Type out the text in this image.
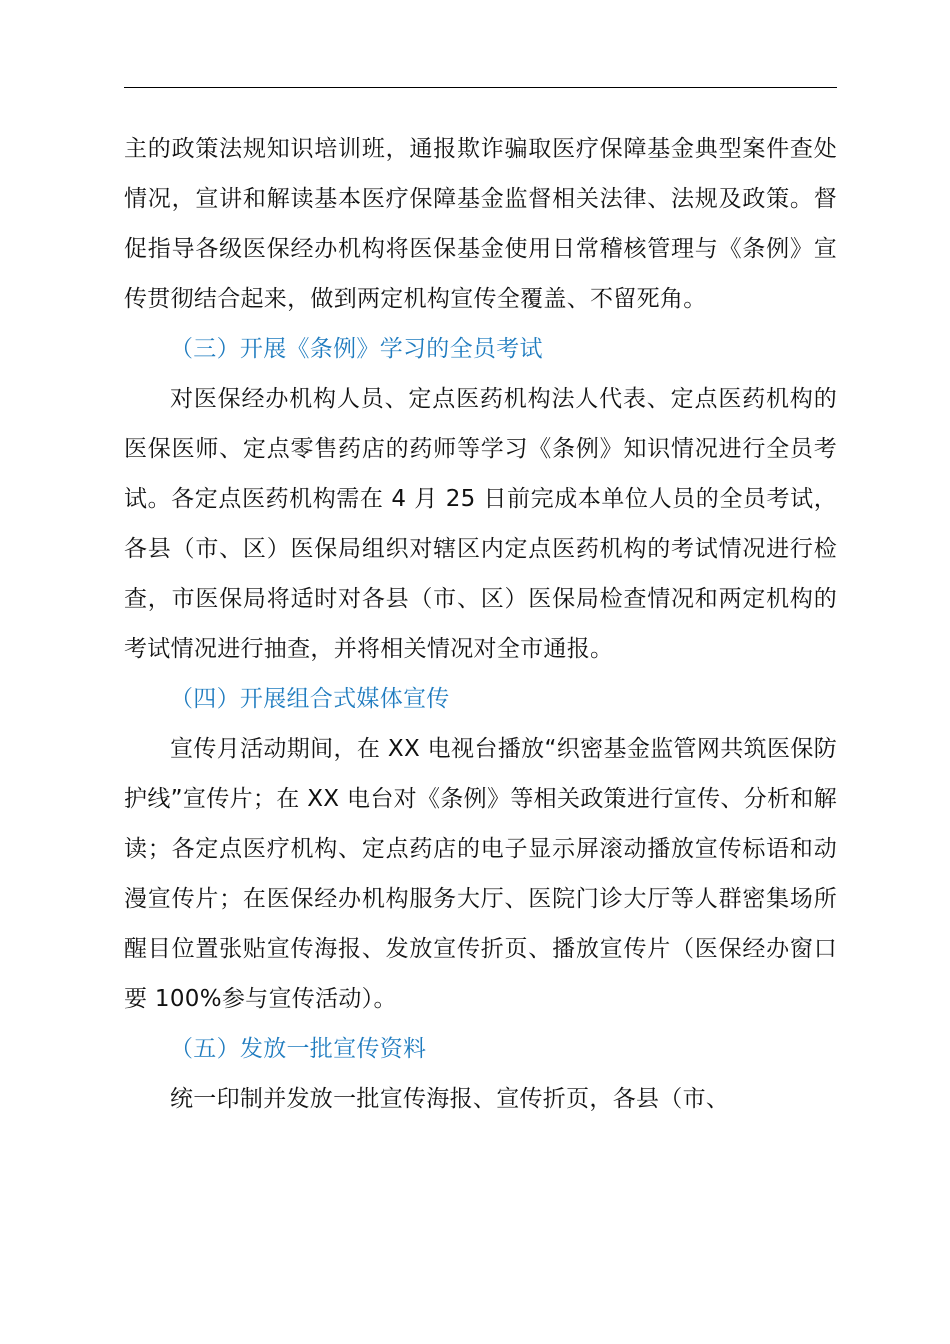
主的政策法规知识培训班，通报欺诈骗取医疗保障基金典型案件查处情况，宣讲和解读基本医疗保障基金监督相关法律、法规及政策。督促指导各级医保经办机构将医保基金使用日常稽核管理与《条例》宣传贯彻结合起来，做到两定机构宣传全覆盖、不留死角。

（三）开展《条例》学习的全员考试

对医保经办机构人员、定点医药机构法人代表、定点医药机构的医保医师、定点零售药店的药师等学习《条例》知识情况进行全员考试。各定点医药机构需在 4 月 25 日前完成本单位人员的全员考试，各县（市、区）医保局组织对辖区内定点医药机构的考试情况进行检查，市医保局将适时对各县（市、区）医保局检查情况和两定机构的考试情况进行抽查，并将相关情况对全市通报。

（四）开展组合式媒体宣传

宣传月活动期间，在 XX 电视台播放“织密基金监管网共筑医保防护线”宣传片；在 XX 电台对《条例》等相关政策进行宣传、分析和解读；各定点医疗机构、定点药店的电子显示屏滚动播放宣传标语和动漫宣传片；在医保经办机构服务大厅、医院门诊大厅等人群密集场所醒目位置张贴宣传海报、发放宣传折页、播放宣传片（医保经办窗口要 100%参与宣传活动）。

（五）发放一批宣传资料

统一印制并发放一批宣传海报、宣传折页，各县（市、
